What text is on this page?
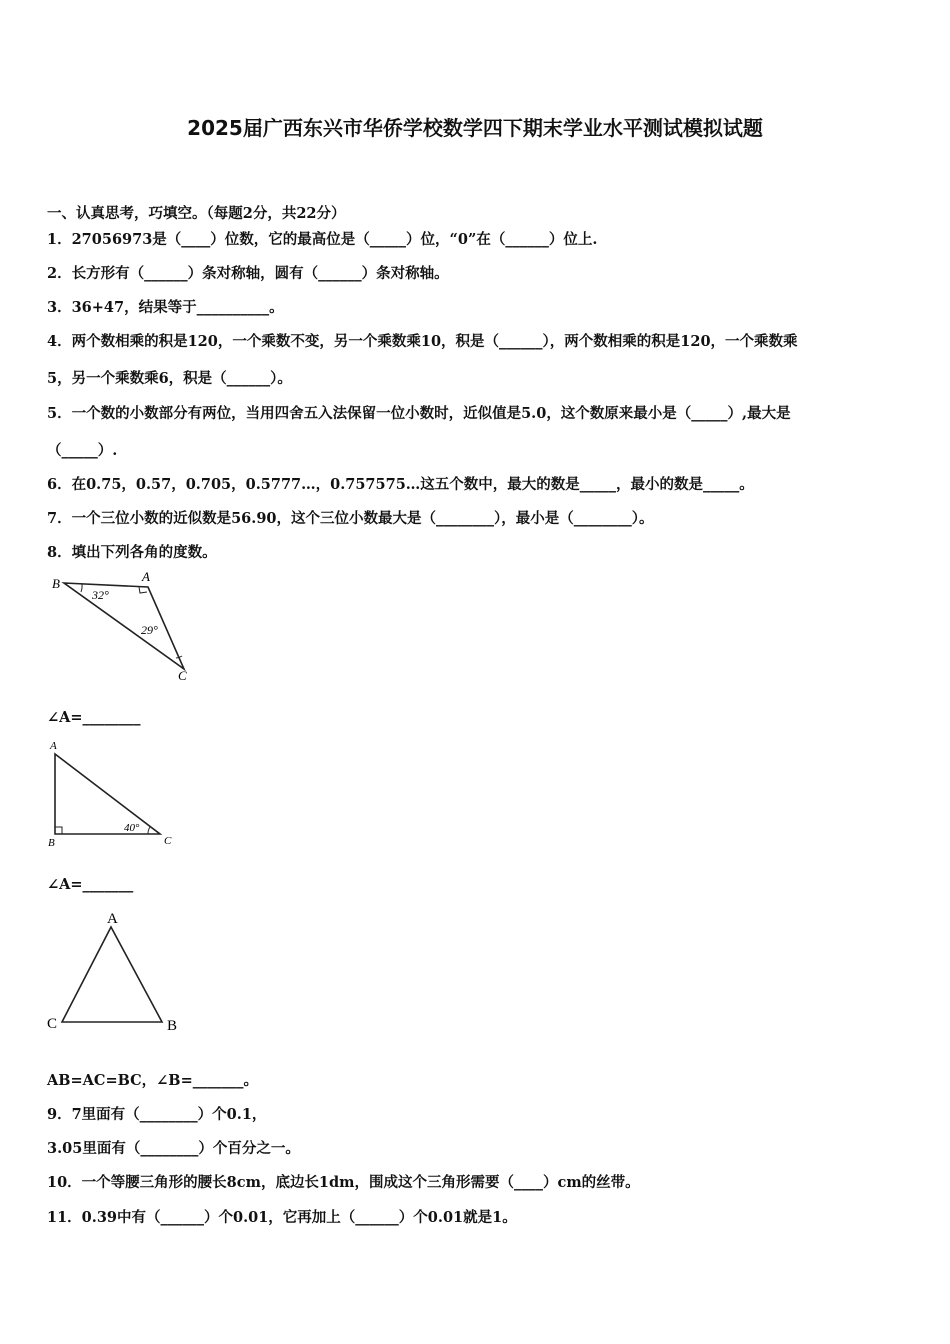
2025届广西东兴市华侨学校数学四下期末学业水平测试模拟试题
一、认真思考，巧填空。（每题2分，共22分）
1．27056973是（____）位数，它的最高位是（_____）位，“0”在（______）位上.
2．长方形有（______）条对称轴，圆有（______）条对称轴。
3．36+47，结果等于__________。
4．两个数相乘的积是120，一个乘数不变，另一个乘数乘10，积是（______），两个数相乘的积是120，一个乘数乘
5，另一个乘数乘6，积是（______）。
5．一个数的小数部分有两位，当用四舍五入法保留一位小数时，近似值是5.0，这个数原来最小是（_____）,最大是
（_____）.
6．在0.75，0.57，0.705，0.5777…，0.757575…这五个数中，最大的数是_____，最小的数是_____。
7．一个三位小数的近似数是56.90，这个三位小数最大是（________），最小是（________）。
8．填出下列各角的度数。
B	A
C
32°
29°
∠A=________
A
B	C
40°
∠A=_______
A
C	B
AB=AC=BC，∠B=_______。
9．7里面有（________）个0.1，
3.05里面有（________）个百分之一。
10．一个等腰三角形的腰长8cm，底边长1dm，围成这个三角形需要（____）cm的丝带。
11．0.39中有（______）个0.01，它再加上（______）个0.01就是1。
